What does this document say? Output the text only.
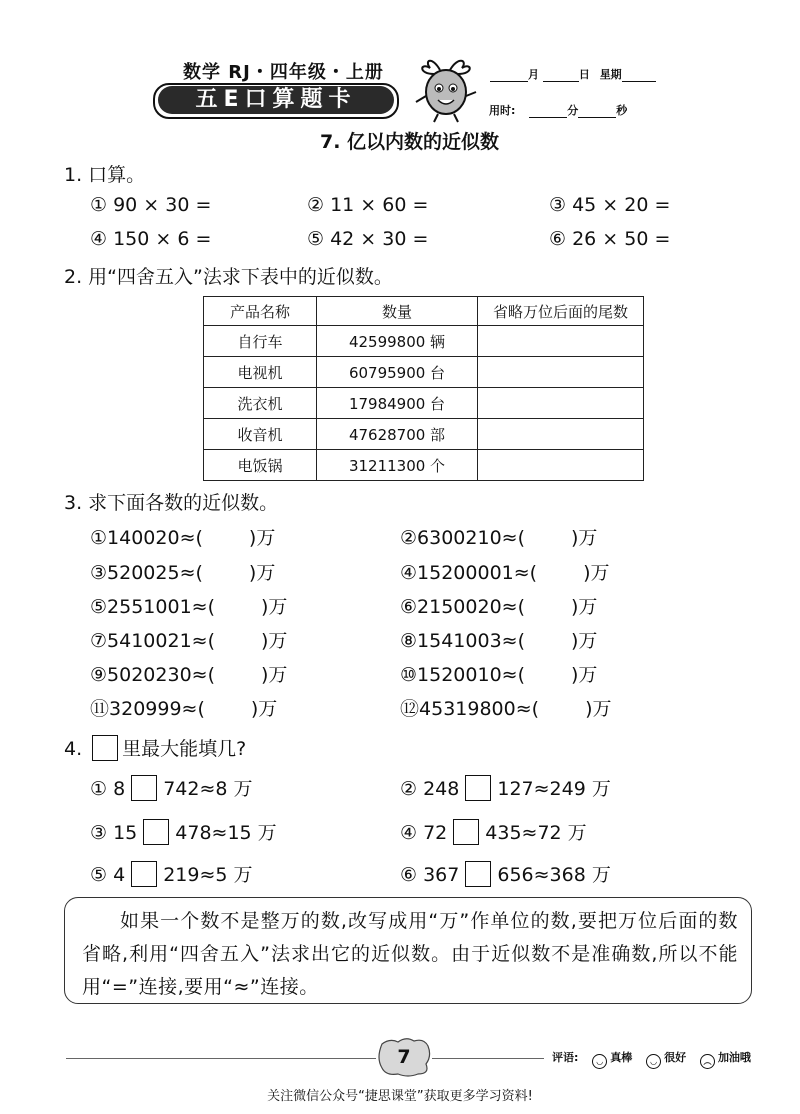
数学 RJ・四年级・上册
五E口算题卡
月	日 星期
用时:	分	秒
7. 亿以内数的近似数
1. 口算。
① 90 × 30 =	② 11 × 60 =	③ 45 × 20 =
④ 150 × 6 =	⑤ 42 × 30 =	⑥ 26 × 50 =
2. 用“四舍五入”法求下表中的近似数。
产品名称	数量	省略万位后面的尾数
自行车	42599800 辆	
电视机	60795900 台	
洗衣机	17984900 台	
收音机	47628700 部	
电饭锅	31211300 个	
3. 求下面各数的近似数。
①140020≈( )万	②6300210≈( )万
③520025≈( )万	④15200001≈( )万
⑤2551001≈( )万	⑥2150020≈( )万
⑦5410021≈( )万	⑧1541003≈( )万
⑨5020230≈( )万	⑩1520010≈( )万
⑪320999≈( )万	⑫45319800≈( )万
4. 里最大能填几?
① 8 742≈8 万	② 248 127≈249 万
③ 15 478≈15 万	④ 72 435≈72 万
⑤ 4 219≈5 万	⑥ 367 656≈368 万
如果一个数不是整万的数,改写成用“万”作单位的数,要把万位后面的数省略,利用“四舍五入”法求出它的近似数。由于近似数不是准确数,所以不能用“=”连接,要用“≈”连接。
7	评语: ◡ 真棒 ◡ 很好 ︵ 加油哦
关注微信公众号“捷思课堂”获取更多学习资料!
